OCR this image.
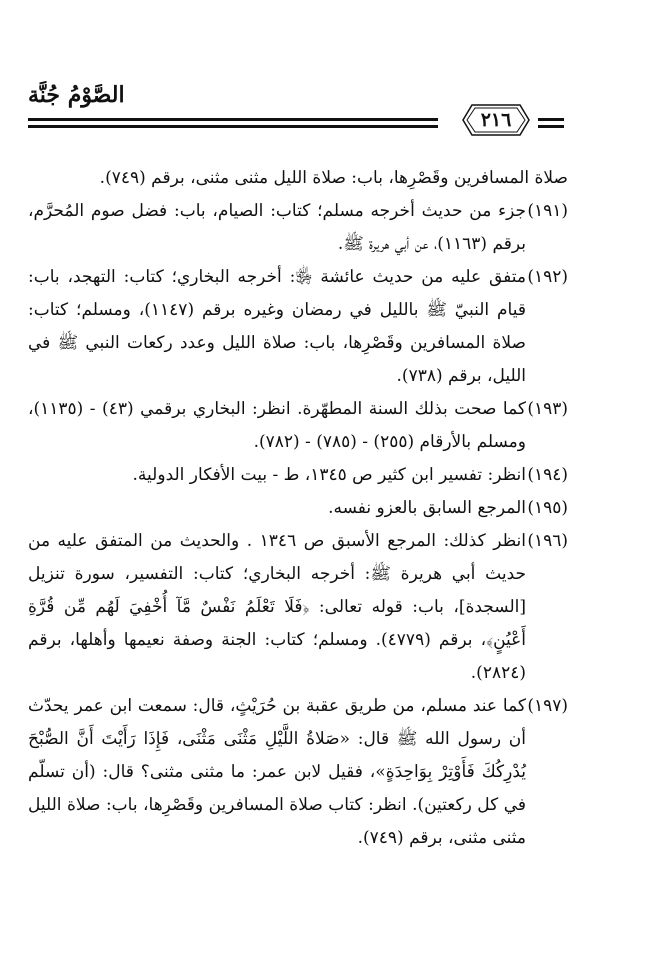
الصَّوْمُ جُنَّة
٢١٦
صلاة المسافرين وقَصْرِها، باب: صلاة الليل مثنى مثنى، برقم (٧٤٩).
(١٩١)جزء من حديث أخرجه مسلم؛ كتاب: الصيام، باب: فضل صوم المُحرَّم، برقم (١١٦٣)، عن أبي هريرة ﷺ.
(١٩٢)متفق عليه من حديث عائشة ﵂: أخرجه البخاري؛ كتاب: التهجد، باب: قيام النبيّ ﷺ بالليل في رمضان وغيره برقم (١١٤٧)، ومسلم؛ كتاب: صلاة المسافرين وقَصْرِها، باب: صلاة الليل وعدد ركعات النبي ﷺ في الليل، برقم (٧٣٨).
(١٩٣)كما صحت بذلك السنة المطهّرة. انظر: البخاري برقمي (٤٣) - (١١٣٥)، ومسلم بالأرقام (٢٥٥) - (٧٨٥) - (٧٨٢).
(١٩٤)انظر: تفسير ابن كثير ص ١٣٤٥، ط - بيت الأفكار الدولية.
(١٩٥)المرجع السابق بالعزو نفسه.
(١٩٦)انظر كذلك: المرجع الأسبق ص ١٣٤٦ . والحديث من المتفق عليه من حديث أبي هريرة ﷺ: أخرجه البخاري؛ كتاب: التفسير، سورة تنزيل [السجدة]، باب: قوله تعالى: ﴿فَلَا تَعْلَمُ نَفْسٌ مَّآ أُخْفِيَ لَهُم مِّن قُرَّةِ أَعْيُنٍ﴾، برقم (٤٧٧٩). ومسلم؛ كتاب: الجنة وصفة نعيمها وأهلها، برقم (٢٨٢٤).
(١٩٧)كما عند مسلم، من طريق عقبة بن حُرَيْثٍ، قال: سمعت ابن عمر يحدّث أن رسول الله ﷺ قال: «صَلاةُ اللَّيْلِ مَثْنَى مَثْنَى، فَإِذَا رَأَيْتَ أَنَّ الصُّبْحَ يُدْرِكُكَ فَأَوْتِرْ بِوَاحِدَةٍ»، فقيل لابن عمر: ما مثنى مثنى؟ قال: (أن تسلّم في كل ركعتين). انظر: كتاب صلاة المسافرين وقَصْرِها، باب: صلاة الليل مثنى مثنى، برقم (٧٤٩).
